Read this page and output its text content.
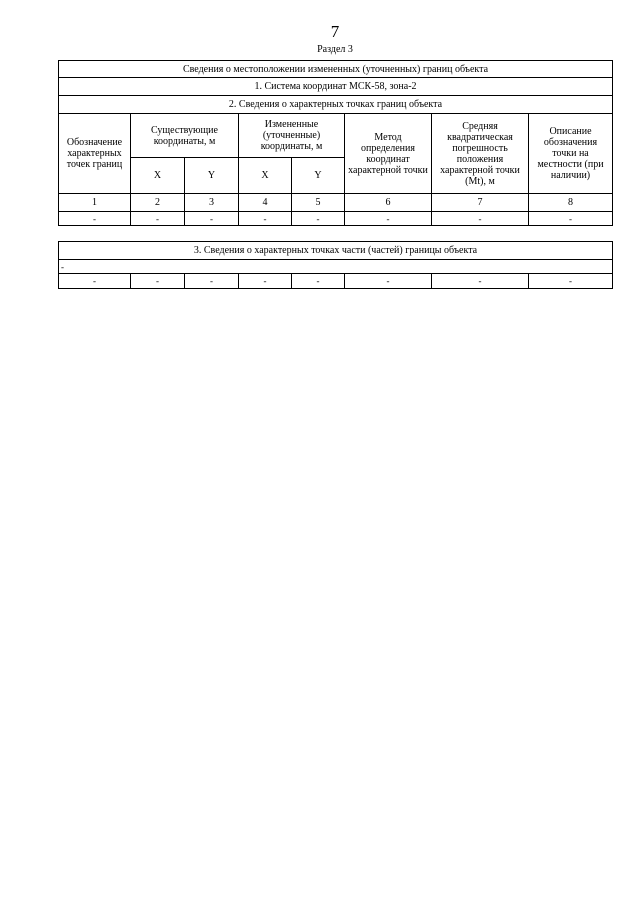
7
Раздел 3
Сведения о местоположении измененных (уточненных) границ объекта							
1. Система координат МСК-58, зона-2							
2. Сведения о характерных точках границ объекта							
Обозначение характерных точек границ	Существующие координаты, м		Измененные (уточненные) координаты, м		Метод определения координат характерной точки	Средняя квадратическая погрешность положения характерной точки (Mt), м	Описание обозначения точки на местности (при наличии)
	X	Y	X	Y			
1	2	3	4	5	6	7	8
-	-	-	-	-	-	-	-
3. Сведения о характерных точках части (частей) границы объекта
-
-	-	-	-	-	-	-	-
